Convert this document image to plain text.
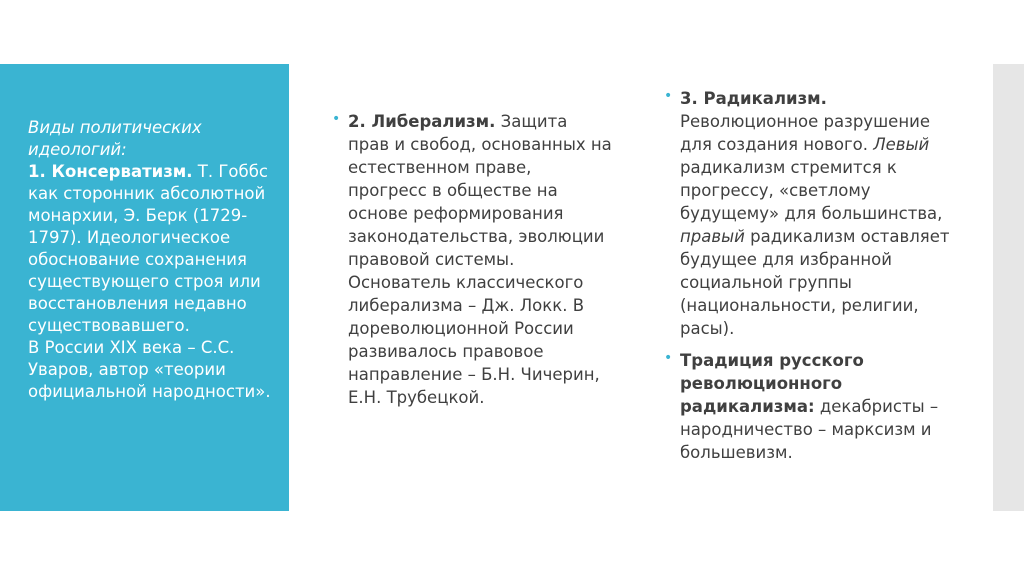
Виды политических идеологий:
1. Консерватизм. Т. Гоббс как сторонник абсолютной монархии, Э. Берк (1729-1797). Идеологическое обоснование сохранения существующего строя или восстановления недавно существовавшего.
В России XIX века – С.С. Уваров, автор «теории официальной народности».
• 2. Либерализм. Защита прав и свобод, основанных на естественном праве, прогресс в обществе на основе реформирования законодательства, эволюции правовой системы. Основатель классического либерализма – Дж. Локк. В дореволюционной России развивалось правовое направление – Б.Н. Чичерин, Е.Н. Трубецкой.
• 3. Радикализм. Революционное разрушение для создания нового. Левый радикализм стремится к прогрессу, «светлому будущему» для большинства, правый радикализм оставляет будущее для избранной социальной группы (национальности, религии, расы).
• Традиция русского революционного радикализма: декабристы – народничество – марксизм и большевизм.
